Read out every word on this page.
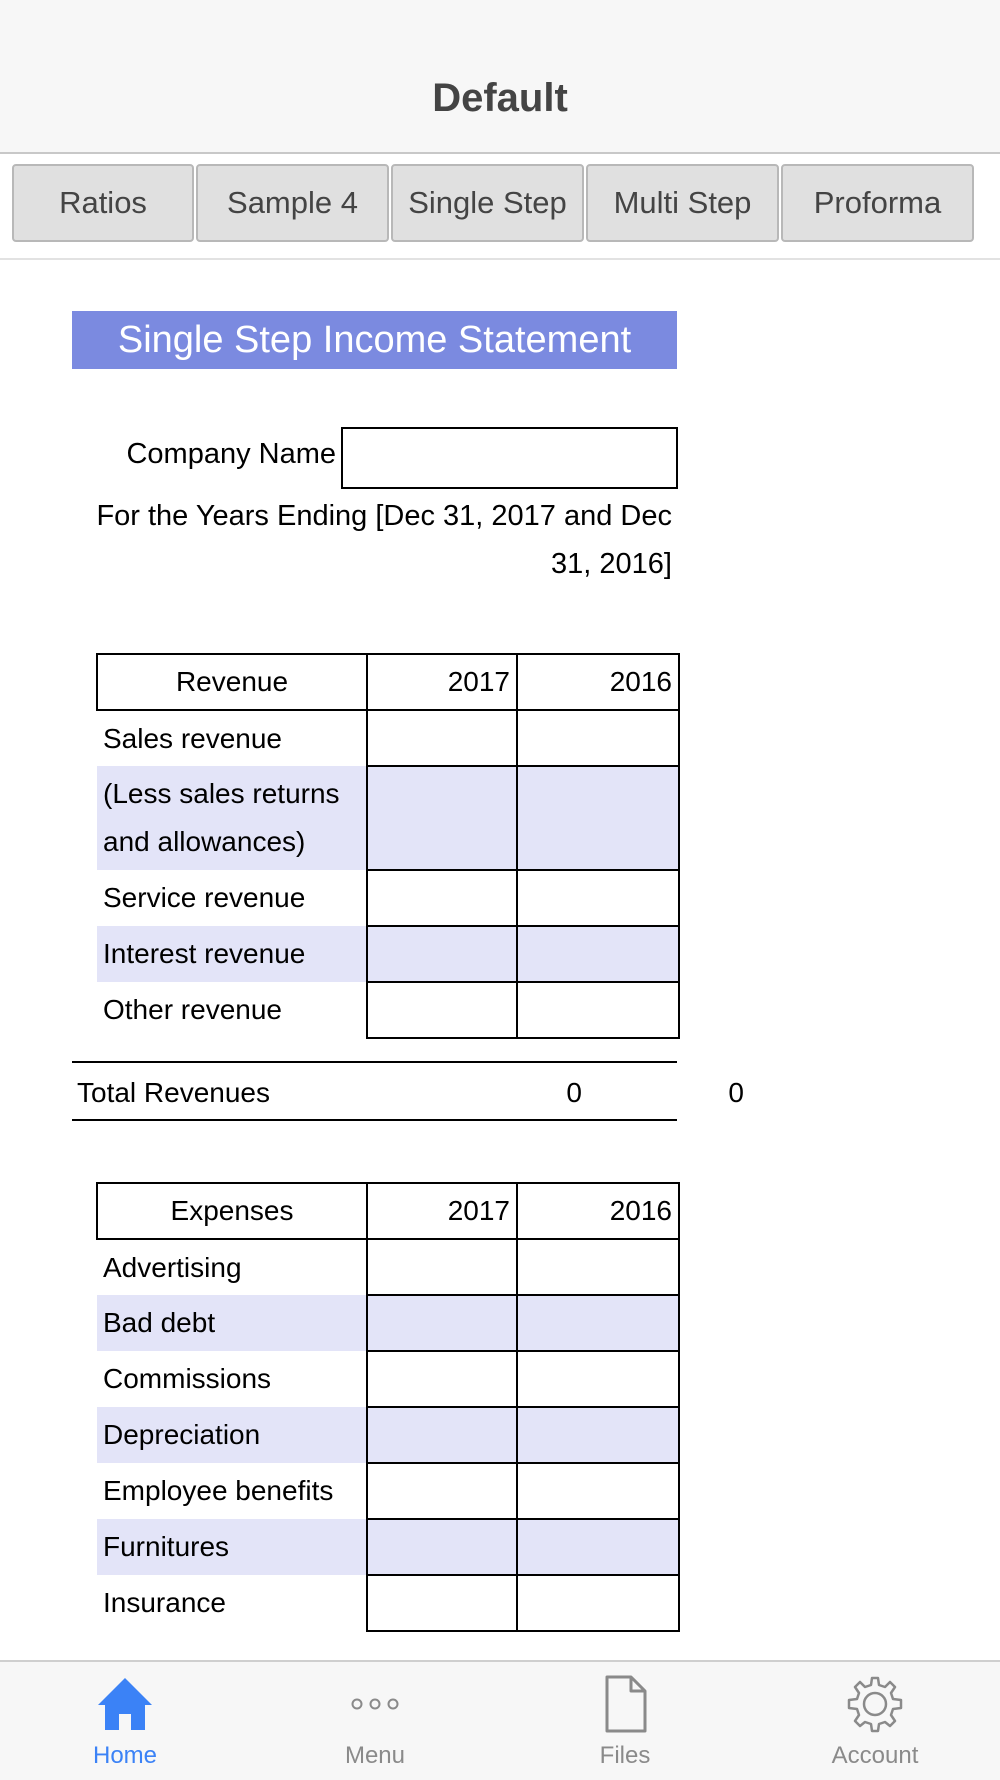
Default
Ratios	Sample 4	Single Step	Multi Step	Proforma
Single Step Income Statement
Company Name
For the Years Ending [Dec 31, 2017 and Dec 31, 2016]
Revenue	2017	2016
Sales revenue		
(Less sales returns and allowances)		
Service revenue		
Interest revenue		
Other revenue		
Total Revenues	0	0
Expenses	2017	2016
Advertising		
Bad debt		
Commissions		
Depreciation		
Employee benefits		
Furnitures		
Insurance		
Home	Menu	Files	Account
